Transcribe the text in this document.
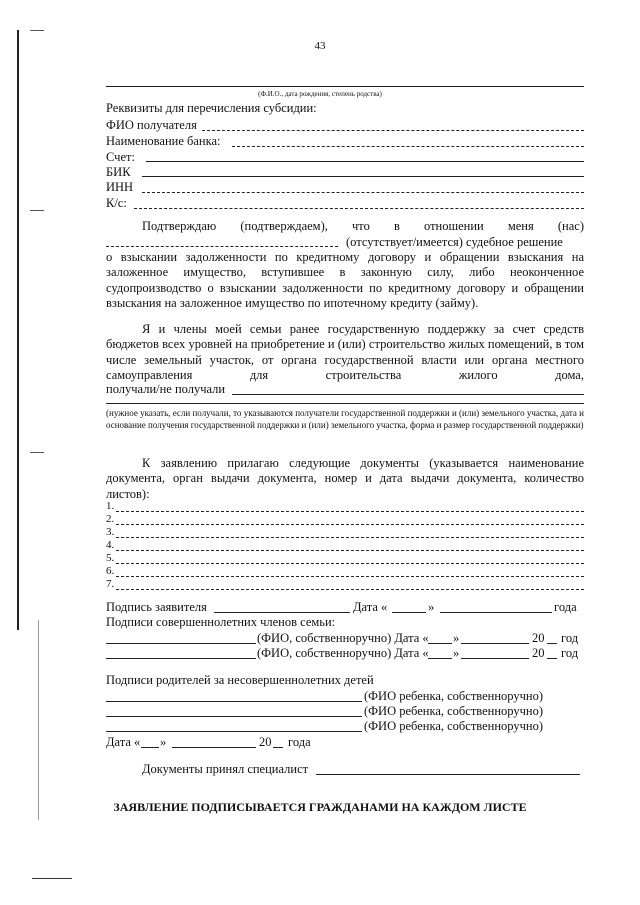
43
(Ф.И.О., дата рождения, степень родства)
Реквизиты для перечисления субсидии:
ФИО получателя
Наименование банка:
Счет:
БИК
ИНН
К/с:
Подтверждаю (подтверждаем), что в отношении меня (нас)
(отсутствует/имеется) судебное решение
о взыскании задолженности по кредитному договору и обращении взыскания на заложенное имущество, вступившее в законную силу, либо неоконченное судопроизводство о взыскании задолженности по кредитному договору и обращении взыскания на заложенное имущество по ипотечному кредиту (займу).
Я и члены моей семьи ранее государственную поддержку за счет средств бюджетов всех уровней на приобретение и (или) строительство жилых помещений, в том числе земельный участок, от органа государственной власти или органа местного самоуправления для строительства жилого дома,
получали/не получали
(нужное указать, если получали, то указываются получатели государственной поддержки и (или) земельного участка, дата и основание получения государственной поддержки и (или) земельного участка, форма и размер государственной поддержки)
К заявлению прилагаю следующие документы (указывается наименование документа, орган выдачи документа, номер и дата выдачи документа, количество листов):
1.
2.
3.
4.
5.
6.
7.
Подпись заявителя	Дата «	»	года
Подписи совершеннолетних членов семьи:
(ФИО, собственноручно) Дата « »	20 год
(ФИО, собственноручно) Дата « »	20 год
Подписи родителей за несовершеннолетних детей
(ФИО ребенка, собственноручно)
(ФИО ребенка, собственноручно)
(ФИО ребенка, собственноручно)
Дата « »	20 года
Документы принял специалист
ЗАЯВЛЕНИЕ ПОДПИСЫВАЕТСЯ ГРАЖДАНАМИ НА КАЖДОМ ЛИСТЕ
